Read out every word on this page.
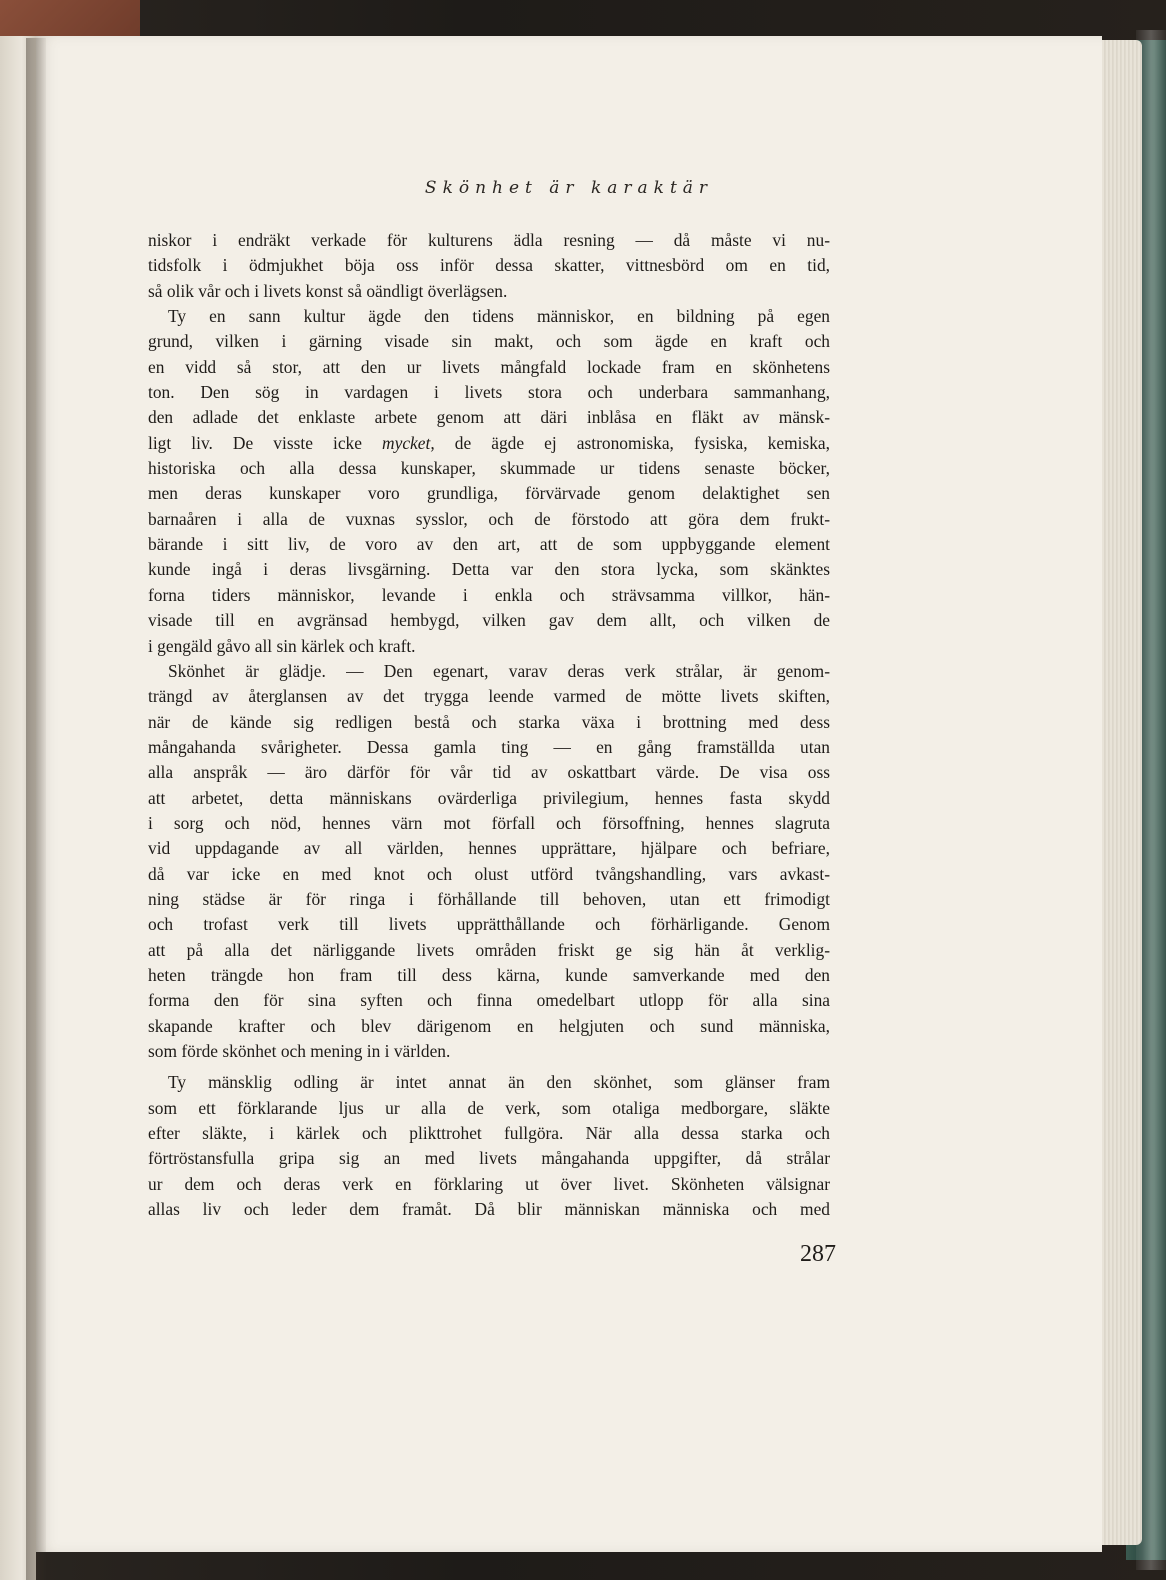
Skönhet är karaktär
niskor i endräkt verkade för kulturens ädla resning — då måste vi nu-
tidsfolk i ödmjukhet böja oss inför dessa skatter, vittnesbörd om en tid,
så olik vår och i livets konst så oändligt överlägsen.
Ty en sann kultur ägde den tidens människor, en bildning på egen
grund, vilken i gärning visade sin makt, och som ägde en kraft och
en vidd så stor, att den ur livets mångfald lockade fram en skönhetens
ton. Den sög in vardagen i livets stora och underbara sammanhang,
den adlade det enklaste arbete genom att däri inblåsa en fläkt av mänsk-
ligt liv. De visste icke mycket, de ägde ej astronomiska, fysiska, kemiska,
historiska och alla dessa kunskaper, skummade ur tidens senaste böcker,
men deras kunskaper voro grundliga, förvärvade genom delaktighet sen
barnaåren i alla de vuxnas sysslor, och de förstodo att göra dem frukt-
bärande i sitt liv, de voro av den art, att de som uppbyggande element
kunde ingå i deras livsgärning. Detta var den stora lycka, som skänktes
forna tiders människor, levande i enkla och strävsamma villkor, hän-
visade till en avgränsad hembygd, vilken gav dem allt, och vilken de
i gengäld gåvo all sin kärlek och kraft.
Skönhet är glädje. — Den egenart, varav deras verk strålar, är genom-
trängd av återglansen av det trygga leende varmed de mötte livets skiften,
när de kände sig redligen bestå och starka växa i brottning med dess
mångahanda svårigheter. Dessa gamla ting — en gång framställda utan
alla anspråk — äro därför för vår tid av oskattbart värde. De visa oss
att arbetet, detta människans ovärderliga privilegium, hennes fasta skydd
i sorg och nöd, hennes värn mot förfall och försoffning, hennes slagruta
vid uppdagande av all världen, hennes upprättare, hjälpare och befriare,
då var icke en med knot och olust utförd tvångshandling, vars avkast-
ning städse är för ringa i förhållande till behoven, utan ett frimodigt
och trofast verk till livets upprätthållande och förhärligande. Genom
att på alla det närliggande livets områden friskt ge sig hän åt verklig-
heten trängde hon fram till dess kärna, kunde samverkande med den
forma den för sina syften och finna omedelbart utlopp för alla sina
skapande krafter och blev därigenom en helgjuten och sund människa,
som förde skönhet och mening in i världen.
Ty mänsklig odling är intet annat än den skönhet, som glänser fram
som ett förklarande ljus ur alla de verk, som otaliga medborgare, släkte
efter släkte, i kärlek och plikttrohet fullgöra. När alla dessa starka och
förtröstansfulla gripa sig an med livets mångahanda uppgifter, då strålar
ur dem och deras verk en förklaring ut över livet. Skönheten välsignar
allas liv och leder dem framåt. Då blir människan människa och med
287
